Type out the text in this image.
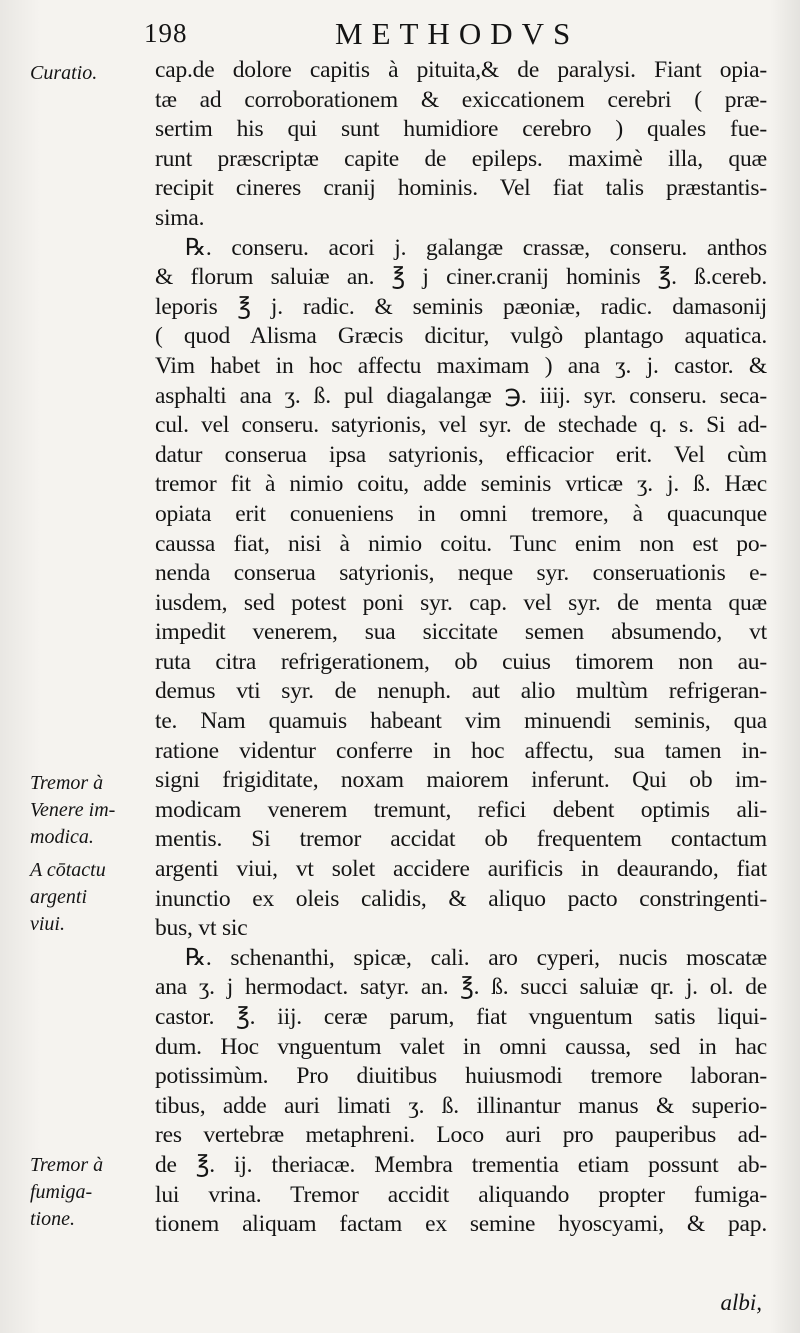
198	METHODVS
Curatio.
Tremor à
Venere im-
modica.
A cōtactu
argenti
viui.
Tremor à
fumiga-
tione.
cap.de dolore capitis à pituita,& de paralysi. Fiant opia-
tæ ad corroborationem & exiccationem cerebri ( præ-
sertim his qui sunt humidiore cerebro ) quales fue-
runt præscriptæ capite de epileps. maximè illa, quæ
recipit cineres cranij hominis. Vel fiat talis præstantis-
sima.
℞. conseru. acori j. galangæ crassæ, conseru. anthos
& florum saluiæ an. ℥ j ciner.cranij hominis ℥. ß.cereb.
leporis ℥ j. radic. & seminis pæoniæ, radic. damasonij
( quod Alisma Græcis dicitur, vulgò plantago aquatica.
Vim habet in hoc affectu maximam ) ana ʒ. j. castor. &
asphalti ana ʒ. ß. pul diagalangæ ℈. iiij. syr. conseru. secа-
cul. vel conseru. satyrionis, vel syr. de stechade q. s. Si ad-
datur conserua ipsa satyrionis, efficacior erit. Vel cùm
tremor fit à nimio coitu, adde seminis vrticæ ʒ. j. ß. Hæc
opiata erit conueniens in omni tremore, à quacunque
caussa fiat, nisi à nimio coitu. Tunc enim non est po-
nenda conserua satyrionis, neque syr. conseruationis e-
iusdem, sed potest poni syr. cap. vel syr. de menta quæ
impedit venerem, sua siccitate semen absumendo, vt
ruta citra refrigerationem, ob cuius timorem non au-
demus vti syr. de nenuph. aut alio multùm refrigeran-
te. Nam quamuis habeant vim minuendi seminis, qua
ratione videntur conferre in hoc affectu, sua tamen in-
signi frigiditate, noxam maiorem inferunt. Qui ob im-
modicam venerem tremunt, refici debent optimis ali-
mentis. Si tremor accidat ob frequentem contactum
argenti viui, vt solet accidere aurificis in deaurando, fiat
inunctio ex oleis calidis, & aliquo pacto constringenti-
bus, vt sic
℞. schenanthi, spicæ, cali. aro cyperi, nucis moscatæ
ana ʒ. j hermodact. satyr. an. ℥. ß. succi saluiæ qr. j. ol. de
castor. ℥. iij. ceræ parum, fiat vnguentum satis liqui-
dum. Hoc vnguentum valet in omni caussa, sed in hac
potissimùm. Pro diuitibus huiusmodi tremore laboran-
tibus, adde auri limati ʒ. ß. illinantur manus & superio-
res vertebræ metaphreni. Loco auri pro pauperibus ad-
de ℥. ij. theriacæ. Membra trementia etiam possunt ab-
lui vrina. Tremor accidit aliquando propter fumiga-
tionem aliquam factam ex semine hyoscyami, & pap.
albi,
